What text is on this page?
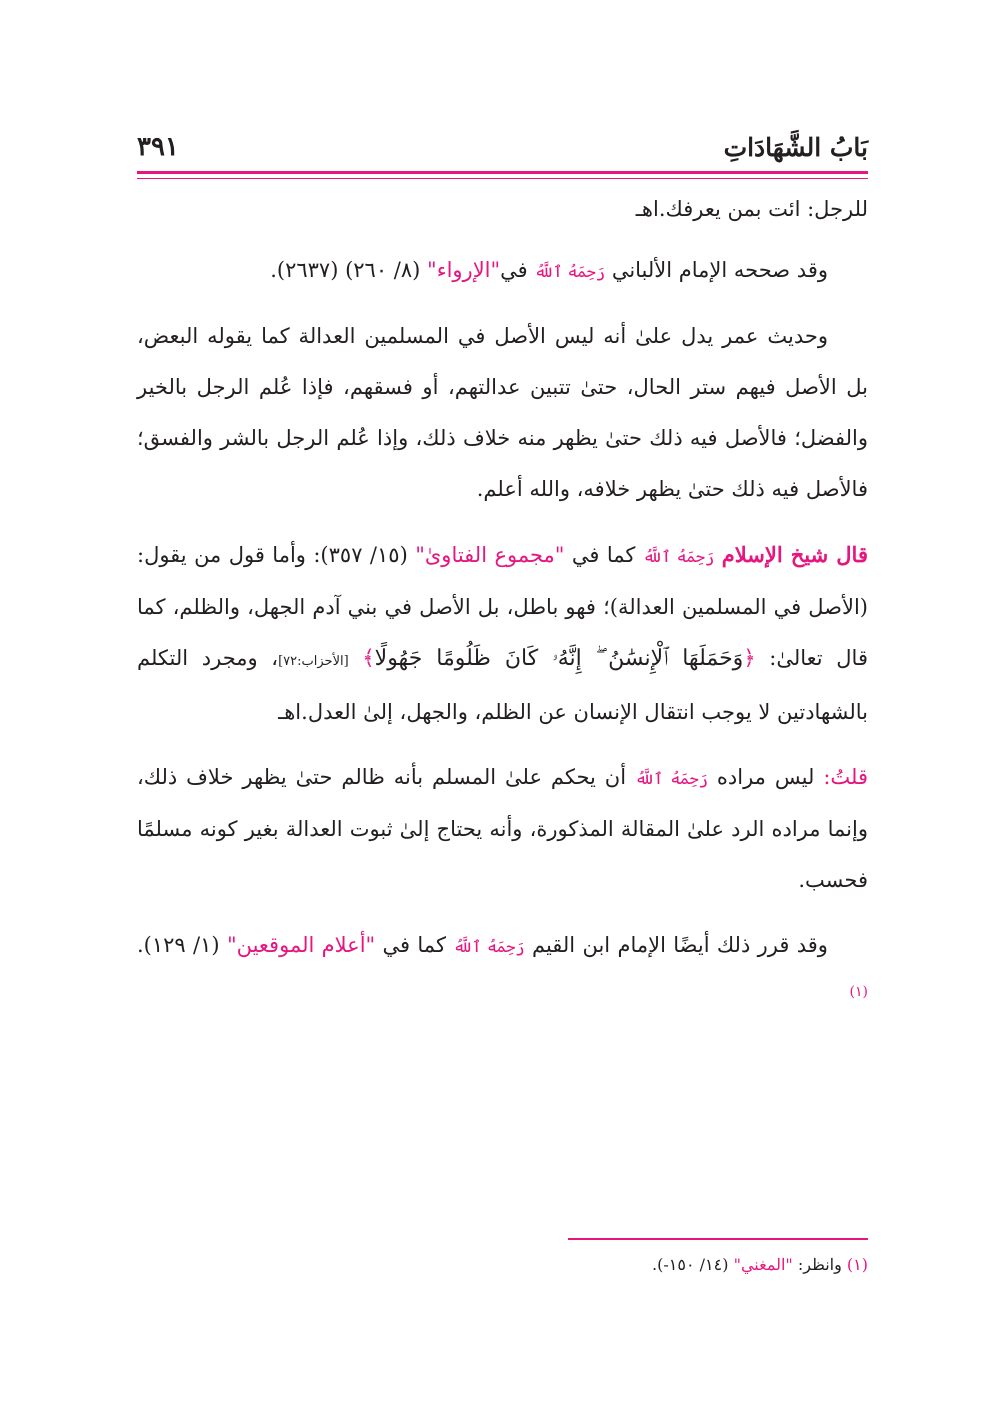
بَابُ الشَّهَادَاتِ
٣٩١

للرجل: ائت بمن يعرفك.اهـ

وقد صححه الإمام الألباني رَحِمَهُ ٱللَّهُ في"الإرواء" (٨/ ٢٦٠) (٢٦٣٧).

وحديث عمر يدل علىٰ أنه ليس الأصل في المسلمين العدالة كما يقوله البعض، بل الأصل فيهم ستر الحال، حتىٰ تتبين عدالتهم، أو فسقهم، فإذا عُلم الرجل بالخير والفضل؛ فالأصل فيه ذلك حتىٰ يظهر منه خلاف ذلك، وإذا عُلم الرجل بالشر والفسق؛ فالأصل فيه ذلك حتىٰ يظهر خلافه، والله أعلم.

قال شيخ الإسلام رَحِمَهُ ٱللَّهُ كما في "مجموع الفتاوىٰ" (١٥/ ٣٥٧): وأما قول من يقول: (الأصل في المسلمين العدالة)؛ فهو باطل، بل الأصل في بني آدم الجهل، والظلم، كما قال تعالىٰ: ﴿وَحَمَلَهَا ٱلْإِنسَٰنُ ۖ إِنَّهُۥ كَانَ ظَلُومًا جَهُولًا﴾ [الأحزاب:٧٢]، ومجرد التكلم بالشهادتين لا يوجب انتقال الإنسان عن الظلم، والجهل، إلىٰ العدل.اهـ

قلتُ: ليس مراده رَحِمَهُ ٱللَّهُ أن يحكم علىٰ المسلم بأنه ظالم حتىٰ يظهر خلاف ذلك، وإنما مراده الرد علىٰ المقالة المذكورة، وأنه يحتاج إلىٰ ثبوت العدالة بغير كونه مسلمًا فحسب.

وقد قرر ذلك أيضًا الإمام ابن القيم رَحِمَهُ ٱللَّهُ كما في "أعلام الموقعين" (١/ ١٢٩).$^{(١)}$

(١) وانظر: "المغني" (١٤/ ١٥٠-).
